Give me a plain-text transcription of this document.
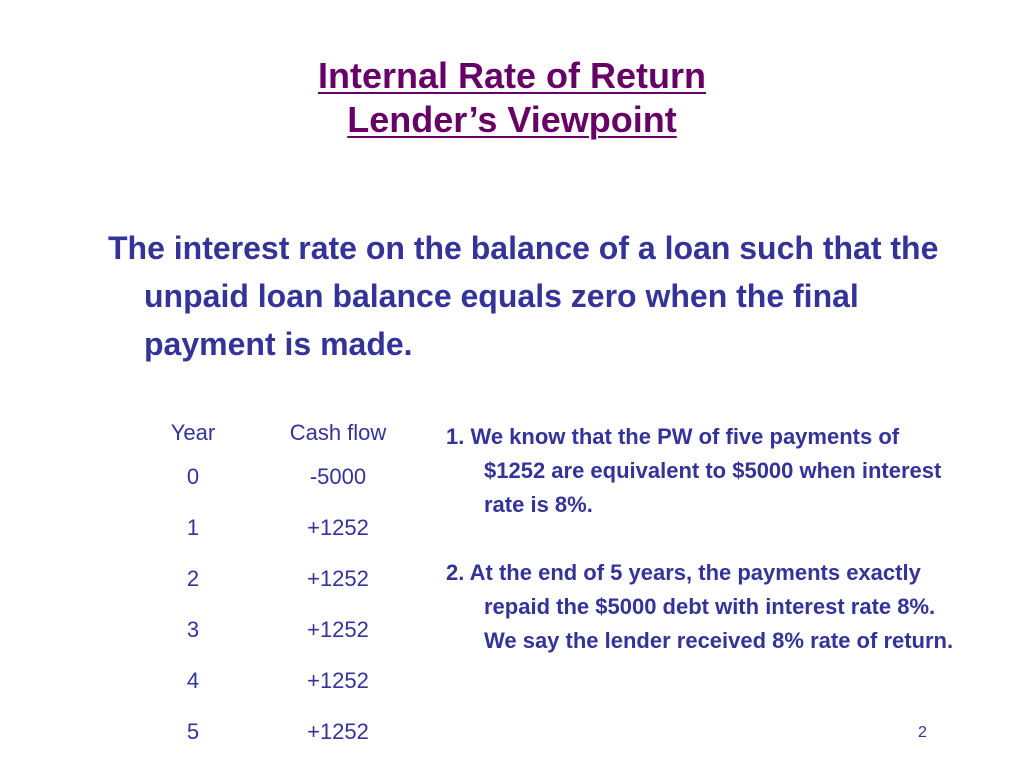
Internal Rate of Return
Lender’s Viewpoint
The interest rate on the balance of a loan such that the unpaid loan balance equals zero when the final payment is made.
Year	Cash flow
0	-5000
1	+1252
2	+1252
3	+1252
4	+1252
5	+1252

1. We know that the PW of five payments of $1252 are equivalent to $5000 when interest rate is 8%.

2. At the end of 5 years, the payments exactly repaid the $5000 debt with interest rate 8%. We say the lender received 8% rate of return.

2
